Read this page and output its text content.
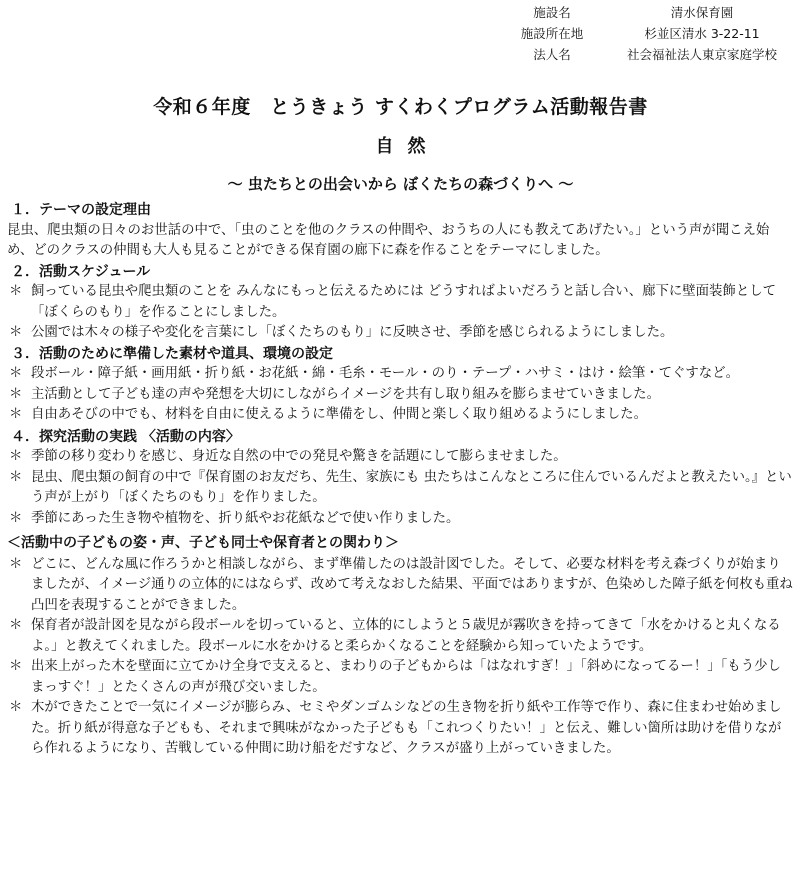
施設名	清水保育園
施設所在地	杉並区清水 3-22-11
法人名	社会福祉法人東京家庭学校
令和６年度　とうきょう すくわくプログラム活動報告書
自然
～ 虫たちとの出会いから ぼくたちの森づくりへ ～
１．テーマの設定理由

昆虫、爬虫類の日々のお世話の中で、「虫のことを他のクラスの仲間や、おうちの人にも教えてあげたい。」という声が聞こえ始め、どのクラスの仲間も大人も見ることができる保育園の廊下に森を作ることをテーマにしました。

２．活動スケジュール
＊ 飼っている昆虫や爬虫類のことを みんなにもっと伝えるためには どうすればよいだろうと話し合い、廊下に壁面装飾として「ぼくらのもり」を作ることにしました。
＊ 公園では木々の様子や変化を言葉にし「ぼくたちのもり」に反映させ、季節を感じられるようにしました。
３．活動のために準備した素材や道具、環境の設定
＊ 段ボール・障子紙・画用紙・折り紙・お花紙・綿・毛糸・モール・のり・テープ・ハサミ・はけ・絵筆・てぐすなど。
＊ 主活動として子ども達の声や発想を大切にしながらイメージを共有し取り組みを膨らませていきました。
＊ 自由あそびの中でも、材料を自由に使えるように準備をし、仲間と楽しく取り組めるようにしました。
４．探究活動の実践 〈活動の内容〉
＊ 季節の移り変わりを感じ、身近な自然の中での発見や驚きを話題にして膨らませました。
＊ 昆虫、爬虫類の飼育の中で『保育園のお友だち、先生、家族にも 虫たちはこんなところに住んでいるんだよと教えたい。』という声が上がり「ぼくたちのもり」を作りました。
＊ 季節にあった生き物や植物を、折り紙やお花紙などで使い作りました。
＜活動中の子どもの姿・声、子ども同士や保育者との関わり＞
＊ どこに、どんな風に作ろうかと相談しながら、まず準備したのは設計図でした。そして、必要な材料を考え森づくりが始まりましたが、イメージ通りの立体的にはならず、改めて考えなおした結果、平面ではありますが、色染めした障子紙を何枚も重ね凸凹を表現することができました。
＊ 保育者が設計図を見ながら段ボールを切っていると、立体的にしようと５歳児が霧吹きを持ってきて「水をかけると丸くなるよ。」と教えてくれました。段ボールに水をかけると柔らかくなることを経験から知っていたようです。
＊ 出来上がった木を壁面に立てかけ全身で支えると、まわりの子どもからは「はなれすぎ！」「斜めになってるー！」「もう少しまっすぐ！」とたくさんの声が飛び交いました。
＊ 木ができたことで一気にイメージが膨らみ、セミやダンゴムシなどの生き物を折り紙や工作等で作り、森に住まわせ始めました。折り紙が得意な子どもも、それまで興味がなかった子どもも「これつくりたい！」と伝え、難しい箇所は助けを借りながら作れるようになり、苦戦している仲間に助け船をだすなど、クラスが盛り上がっていきました。
